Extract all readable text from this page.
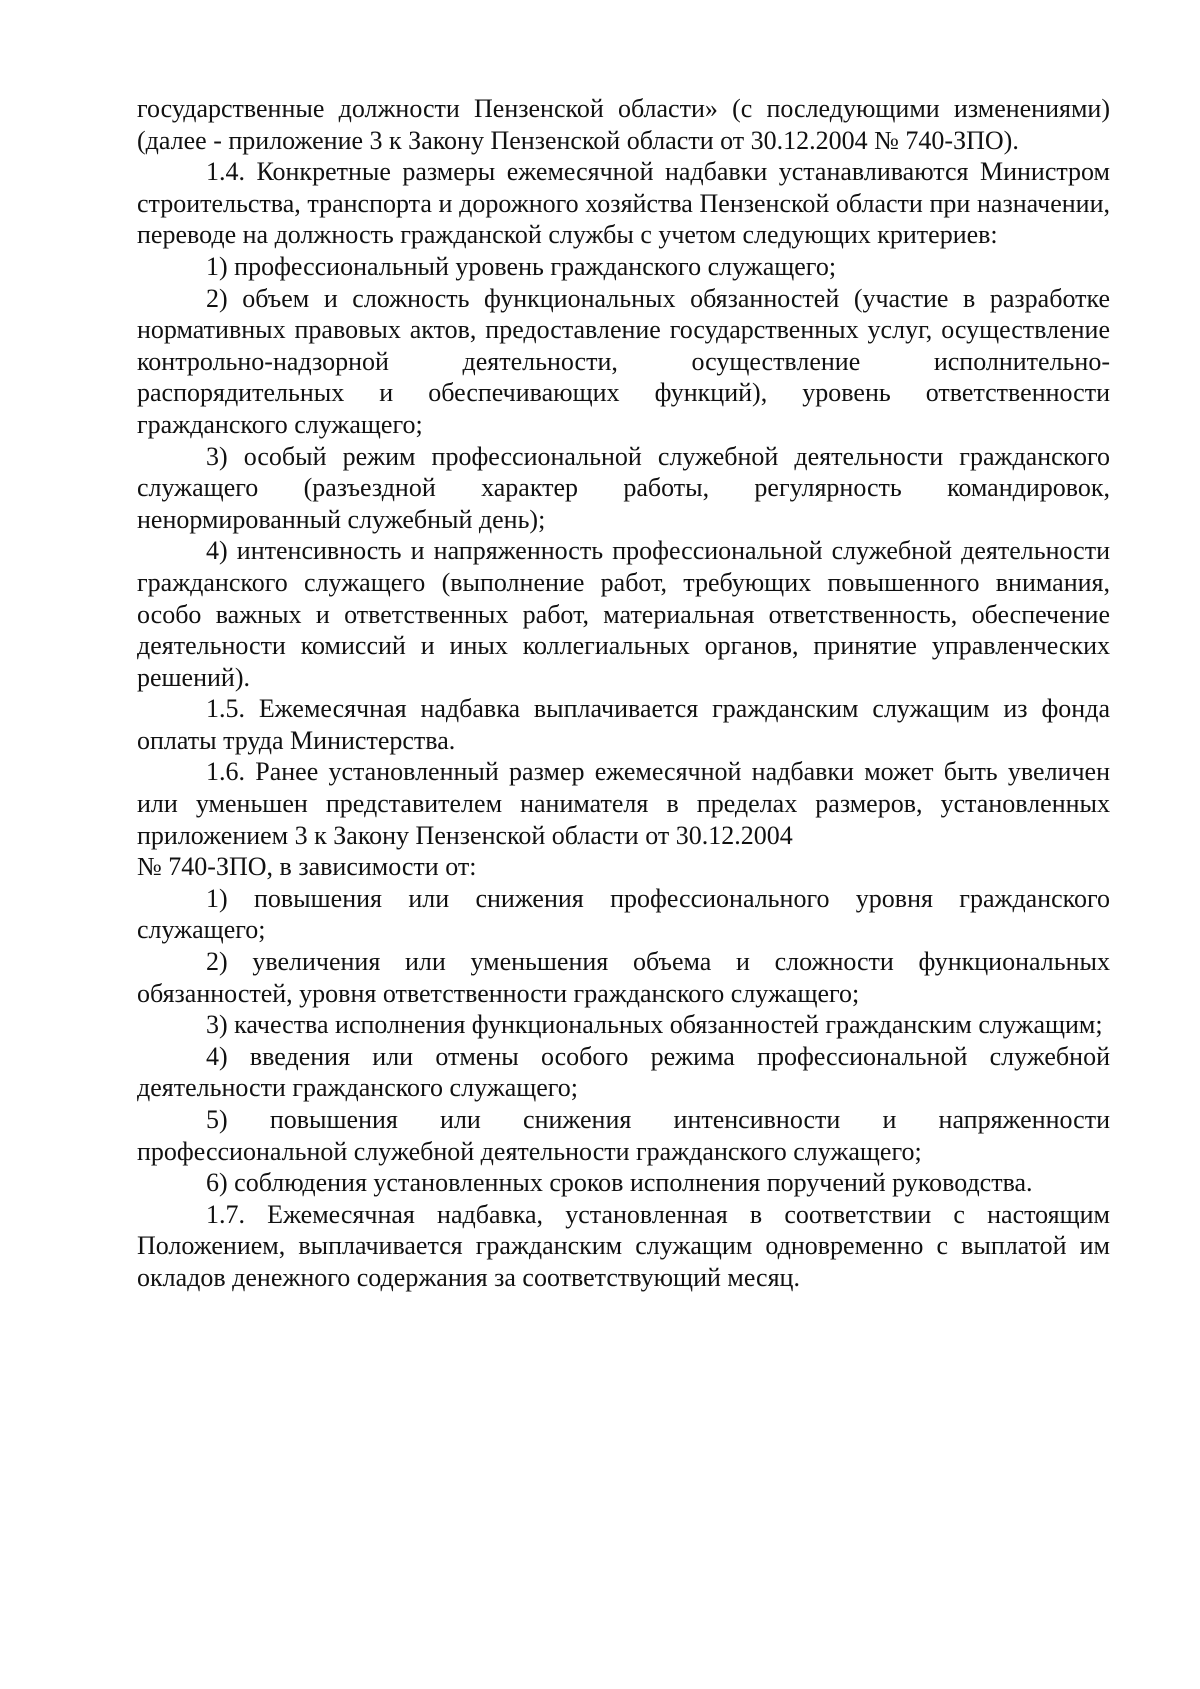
государственные должности Пензенской области» (с последующими изменениями) (далее - приложение 3 к Закону Пензенской области от 30.12.2004 № 740-ЗПО).

1.4. Конкретные размеры ежемесячной надбавки устанавливаются Министром строительства, транспорта и дорожного хозяйства Пензенской области при назначении, переводе на должность гражданской службы с учетом следующих критериев:

1) профессиональный уровень гражданского служащего;

2) объем и сложность функциональных обязанностей (участие в разработке нормативных правовых актов, предоставление государственных услуг, осуществление контрольно-надзорной деятельности, осуществление исполнительно-распорядительных и обеспечивающих функций), уровень ответственности гражданского служащего;

3) особый режим профессиональной служебной деятельности гражданского служащего (разъездной характер работы, регулярность командировок, ненормированный служебный день);

4) интенсивность и напряженность профессиональной служебной деятельности гражданского служащего (выполнение работ, требующих повышенного внимания, особо важных и ответственных работ, материальная ответственность, обеспечение деятельности комиссий и иных коллегиальных органов, принятие управленческих решений).

1.5. Ежемесячная надбавка выплачивается гражданским служащим из фонда оплаты труда Министерства.

1.6. Ранее установленный размер ежемесячной надбавки может быть увеличен или уменьшен представителем нанимателя в пределах размеров, установленных приложением 3 к Закону Пензенской области от 30.12.2004

№ 740-ЗПО, в зависимости от:

1) повышения или снижения профессионального уровня гражданского служащего;

2) увеличения или уменьшения объема и сложности функциональных обязанностей, уровня ответственности гражданского служащего;

3) качества исполнения функциональных обязанностей гражданским служащим;

4) введения или отмены особого режима профессиональной служебной деятельности гражданского служащего;

5) повышения или снижения интенсивности и напряженности профессиональной служебной деятельности гражданского служащего;

6) соблюдения установленных сроков исполнения поручений руководства.

1.7. Ежемесячная надбавка, установленная в соответствии с настоящим Положением, выплачивается гражданским служащим одновременно с выплатой им окладов денежного содержания за соответствующий месяц.
